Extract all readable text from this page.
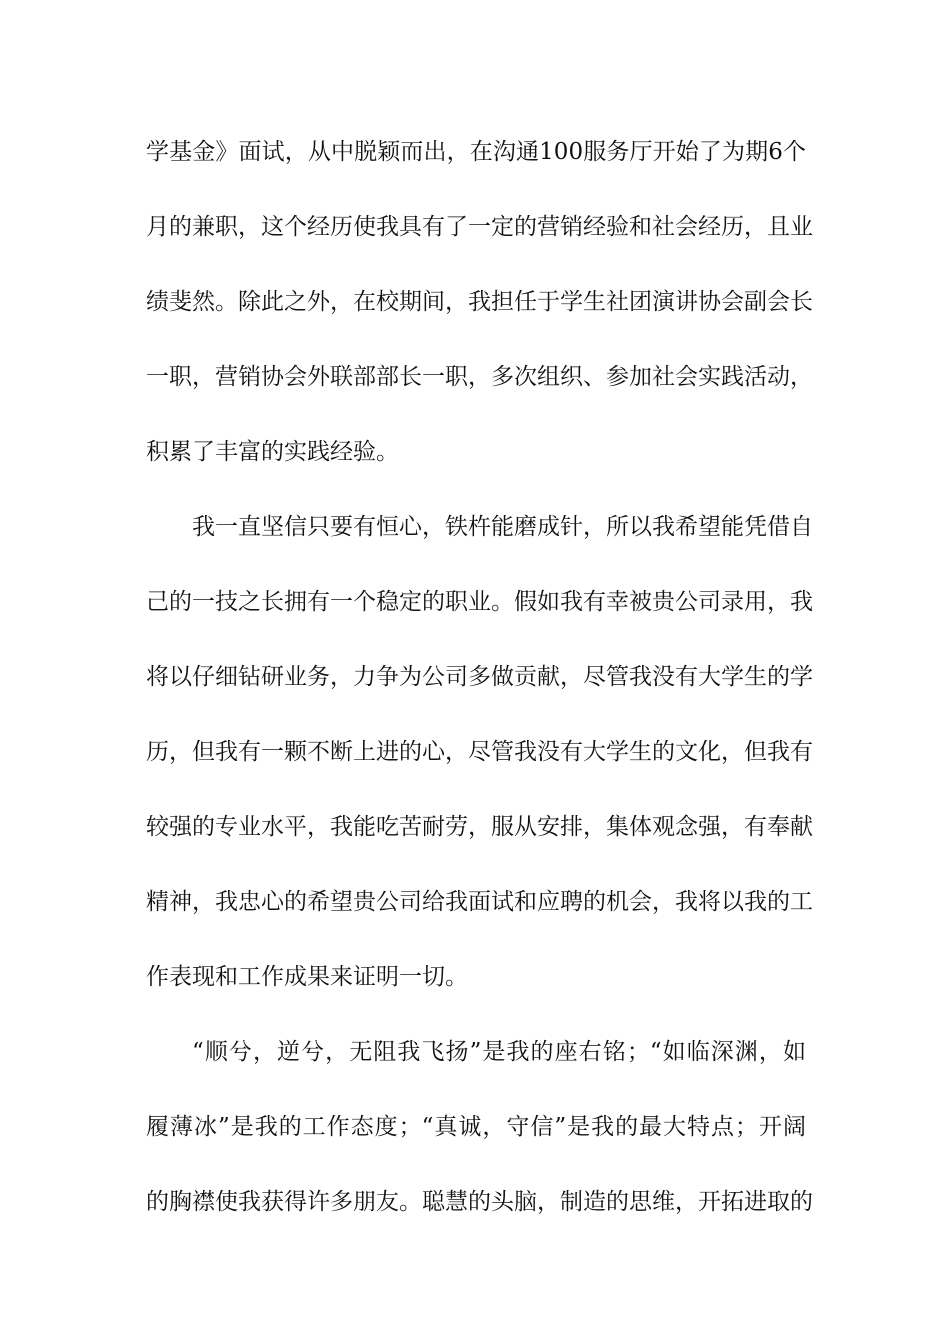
学基金》面试，从中脱颖而出，在沟通100服务厅开始了为期6个
月的兼职，这个经历使我具有了一定的营销经验和社会经历，且业
绩斐然。除此之外，在校期间，我担任于学生社团演讲协会副会长
一职，营销协会外联部部长一职，多次组织、参加社会实践活动，
积累了丰富的实践经验。
我一直坚信只要有恒心，铁杵能磨成针，所以我希望能凭借自
己的一技之长拥有一个稳定的职业。假如我有幸被贵公司录用，我
将以仔细钻研业务，力争为公司多做贡献，尽管我没有大学生的学
历，但我有一颗不断上进的心，尽管我没有大学生的文化，但我有
较强的专业水平，我能吃苦耐劳，服从安排，集体观念强，有奉献
精神，我忠心的希望贵公司给我面试和应聘的机会，我将以我的工
作表现和工作成果来证明一切。
“顺兮，逆兮，无阻我飞扬”是我的座右铭；“如临深渊，如
履薄冰”是我的工作态度；“真诚，守信”是我的最大特点；开阔
的胸襟使我获得许多朋友。聪慧的头脑，制造的思维，开拓进取的
